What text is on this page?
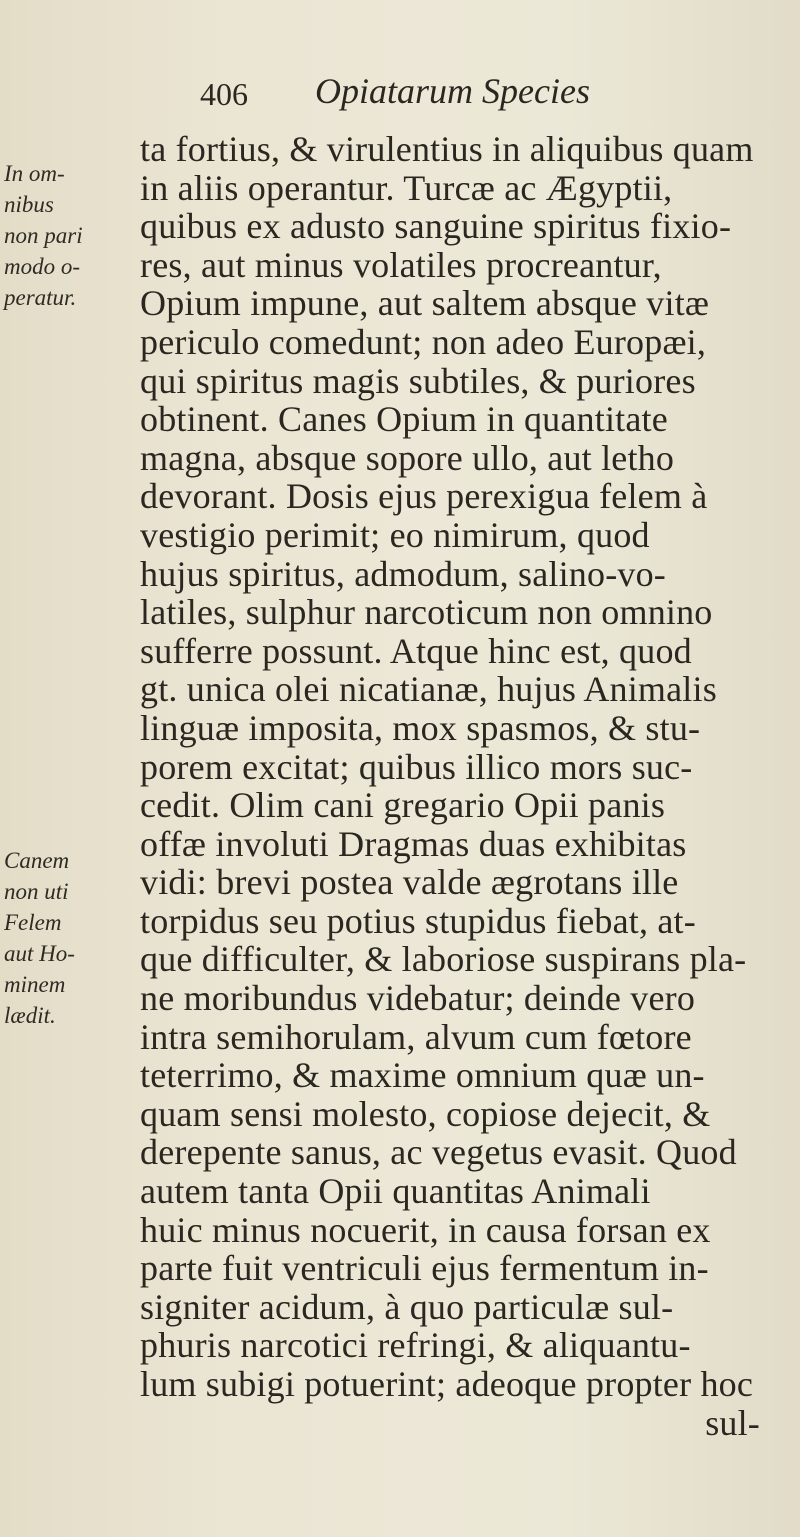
406 Opiatarum Species
In om-
nibus
non pari
modo o-
peratur.
Canem
non uti
Felem
aut Ho-
minem
lædit.
ta fortius, & virulentius in aliquibus quam
in aliis operantur. Turcæ ac Ægyptii,
quibus ex adusto sanguine spiritus fixio-
res, aut minus volatiles procreantur,
Opium impune, aut saltem absque vitæ
periculo comedunt; non adeo Europæi,
qui spiritus magis subtiles, & puriores
obtinent. Canes Opium in quantitate
magna, absque sopore ullo, aut letho
devorant. Dosis ejus perexigua felem à
vestigio perimit; eo nimirum, quod
hujus spiritus, admodum, salino-vo-
latiles, sulphur narcoticum non omnino
sufferre possunt. Atque hinc est, quod
gt. unica olei nicatianæ, hujus Animalis
linguæ imposita, mox spasmos, & stu-
porem excitat; quibus illico mors suc-
cedit. Olim cani gregario Opii panis
offæ involuti Dragmas duas exhibitas
vidi: brevi postea valde ægrotans ille
torpidus seu potius stupidus fiebat, at-
que difficulter, & laboriose suspirans pla-
ne moribundus videbatur; deinde vero
intra semihorulam, alvum cum fœtore
teterrimo, & maxime omnium quæ un-
quam sensi molesto, copiose dejecit, &
derepente sanus, ac vegetus evasit. Quod
autem tanta Opii quantitas Animali
huic minus nocuerit, in causa forsan ex
parte fuit ventriculi ejus fermentum in-
signiter acidum, à quo particulæ sul-
phuris narcotici refringi, & aliquantu-
lum subigi potuerint; adeoque propter hoc
sul-
